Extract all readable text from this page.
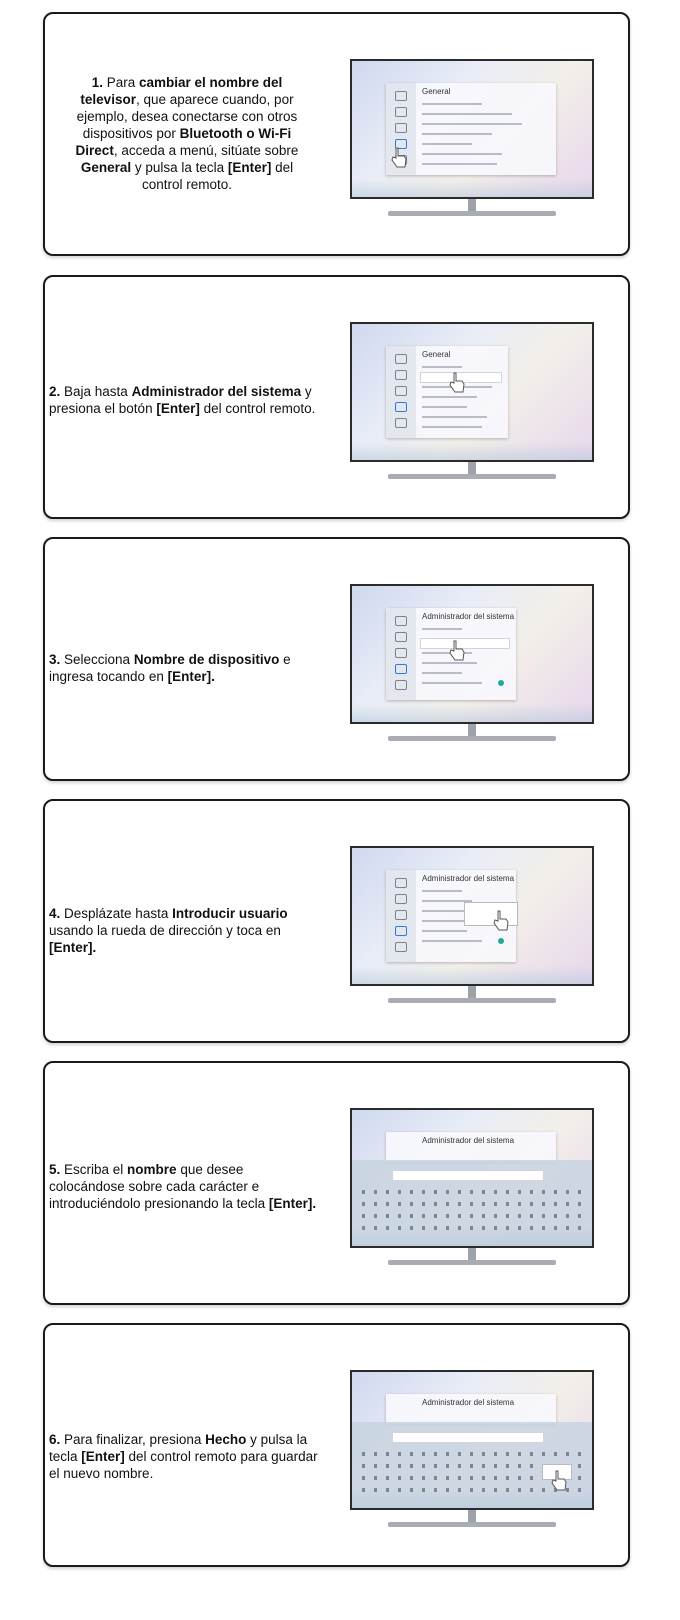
1. Para cambiar el nombre del televisor, que aparece cuando, por ejemplo, desea conectarse con otros dispositivos por Bluetooth o Wi-Fi Direct, acceda a menú, sitúate sobre General y pulsa la tecla [Enter] del control remoto.
General
2. Baja hasta Administrador del sistema y presiona el botón [Enter] del control remoto.
General
3. Selecciona Nombre de dispositivo e ingresa tocando en [Enter].
Administrador del sistema
4. Desplázate hasta Introducir usuario usando la rueda de dirección y toca en [Enter].
Administrador del sistema
5. Escriba el nombre que desee colocándose sobre cada carácter e introduciéndolo presionando la tecla [Enter].
Administrador del sistema
6. Para finalizar, presiona Hecho y pulsa la tecla [Enter] del control remoto para guardar el nuevo nombre.
Administrador del sistema
